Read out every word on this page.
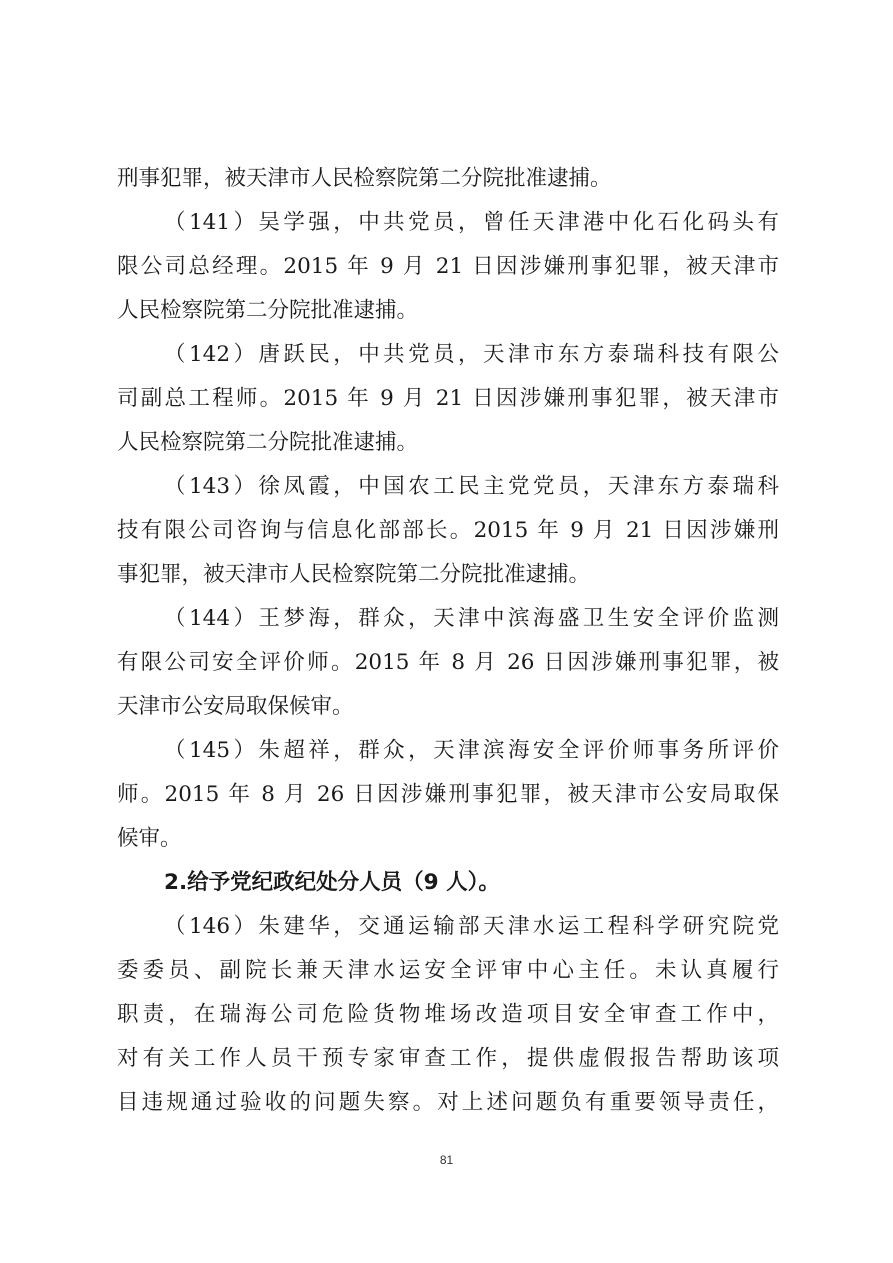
刑事犯罪，被天津市人民检察院第二分院批准逮捕。
（141）吴学强，中共党员，曾任天津港中化石化码头有
限公司总经理。2015 年 9 月 21 日因涉嫌刑事犯罪，被天津市
人民检察院第二分院批准逮捕。
（142）唐跃民，中共党员，天津市东方泰瑞科技有限公
司副总工程师。2015 年 9 月 21 日因涉嫌刑事犯罪，被天津市
人民检察院第二分院批准逮捕。
（143）徐凤霞，中国农工民主党党员，天津东方泰瑞科
技有限公司咨询与信息化部部长。2015 年 9 月 21 日因涉嫌刑
事犯罪，被天津市人民检察院第二分院批准逮捕。
（144）王梦海，群众，天津中滨海盛卫生安全评价监测
有限公司安全评价师。2015 年 8 月 26 日因涉嫌刑事犯罪，被
天津市公安局取保候审。
（145）朱超祥，群众，天津滨海安全评价师事务所评价
师。2015 年 8 月 26 日因涉嫌刑事犯罪，被天津市公安局取保
候审。
2.给予党纪政纪处分人员（9 人）。
（146）朱建华，交通运输部天津水运工程科学研究院党
委委员、副院长兼天津水运安全评审中心主任。未认真履行
职责，在瑞海公司危险货物堆场改造项目安全审查工作中，
对有关工作人员干预专家审查工作，提供虚假报告帮助该项
目违规通过验收的问题失察。对上述问题负有重要领导责任，
81
